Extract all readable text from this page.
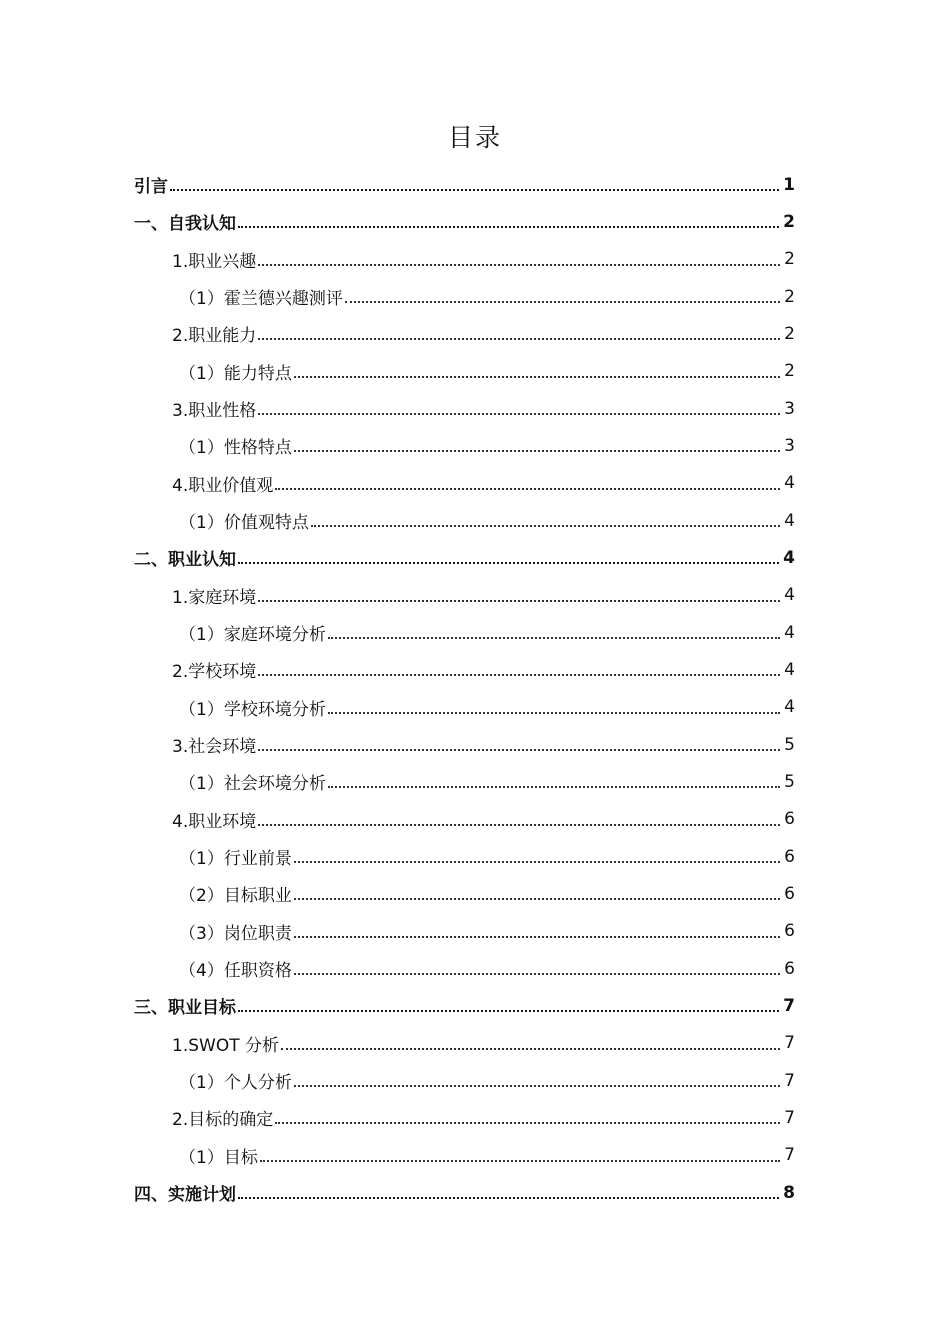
目录
引言	1
一、自我认知	2
1.职业兴趣	2
（1）霍兰德兴趣测评	2
2.职业能力	2
（1）能力特点	2
3.职业性格	3
（1）性格特点	3
4.职业价值观	4
（1）价值观特点	4
二、职业认知	4
1.家庭环境	4
（1）家庭环境分析	4
2.学校环境	4
（1）学校环境分析	4
3.社会环境	5
（1）社会环境分析	5
4.职业环境	6
（1）行业前景	6
（2）目标职业	6
（3）岗位职责	6
（4）任职资格	6
三、职业目标	7
1.SWOT 分析	7
（1）个人分析	7
2.目标的确定	7
（1）目标	7
四、实施计划	8
